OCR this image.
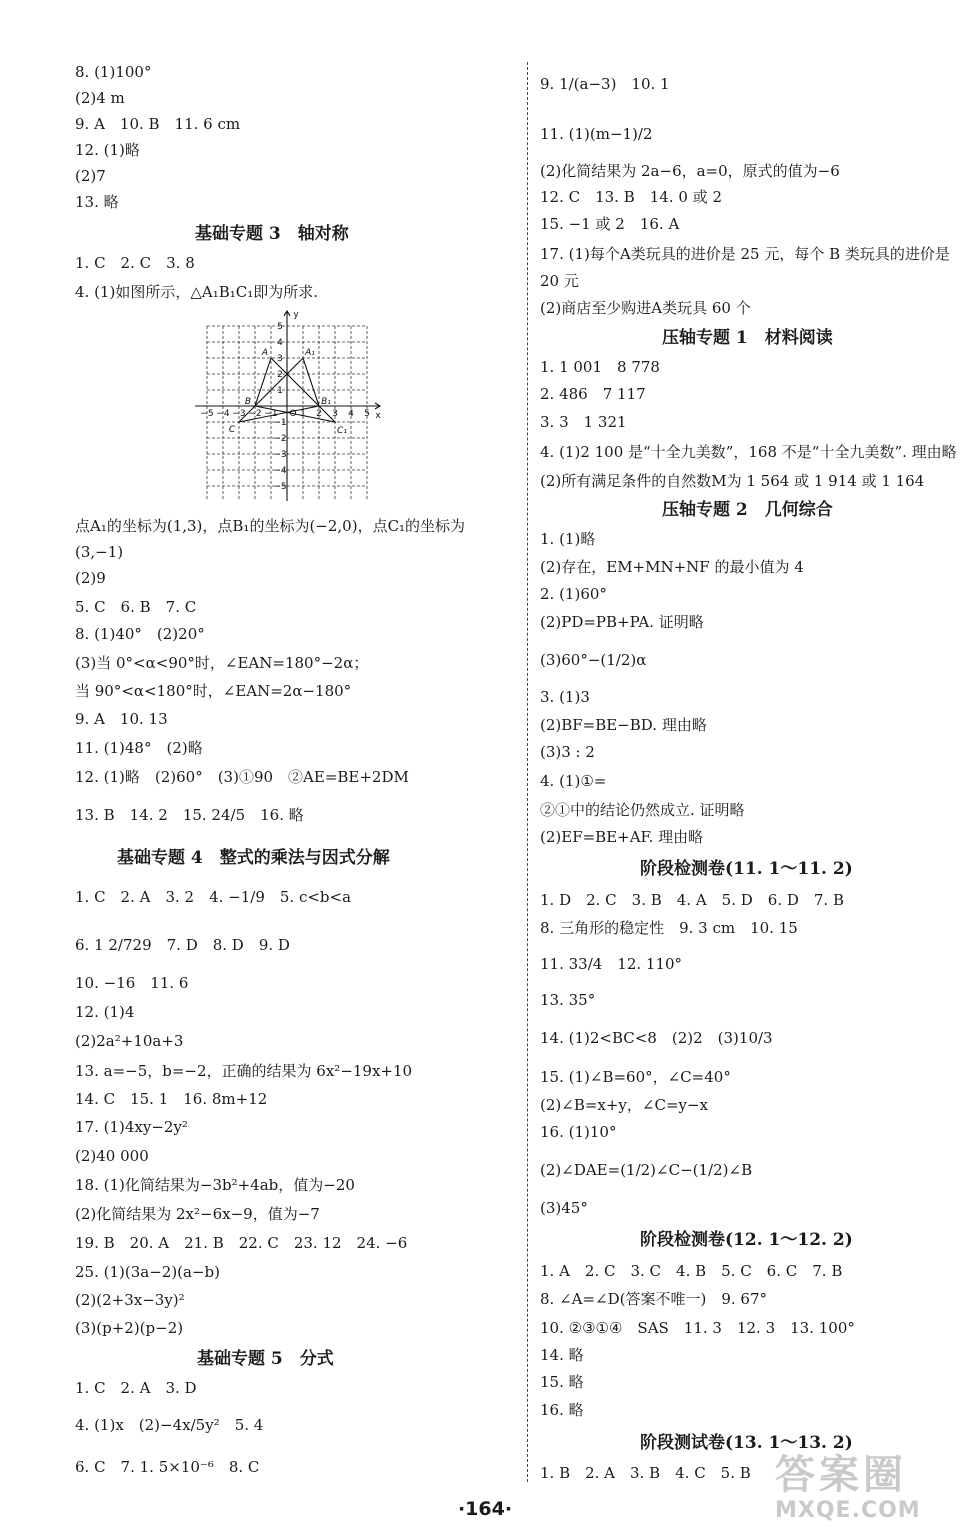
8. (1)100°
(2)4 m
9. A　10. B　11. 6 cm
12. (1)略
(2)7
13. 略
基础专题 3　轴对称
1. C　2. C　3. 8
4. (1)如图所示，△A₁B₁C₁即为所求.
x
y
O
−5 −4 −3 −2 −1 1 2 3 4 5
5
4
3
2
1
−1
−2
−3
−4
−5
A	A₁
B	B₁
C	C₁
点A₁的坐标为(1,3)，点B₁的坐标为(−2,0)，点C₁的坐标为
(3,−1)
(2)9
5. C　6. B　7. C
8. (1)40°　(2)20°
(3)当 0°<α<90°时，∠EAN=180°−2α；
当 90°<α<180°时，∠EAN=2α−180°
9. A　10. 13
11. (1)48°　(2)略
12. (1)略　(2)60°　(3)①90　②AE=BE+2DM
13. B　14. 2　15. 24/5　16. 略
基础专题 4　整式的乘法与因式分解
1. C　2. A　3. 2　4. −1/9　5. c<b<a
6. 1 2/729　7. D　8. D　9. D
10. −16　11. 6
12. (1)4
(2)2a²+10a+3
13. a=−5，b=−2，正确的结果为 6x²−19x+10
14. C　15. 1　16. 8m+12
17. (1)4xy−2y²
(2)40 000
18. (1)化简结果为−3b²+4ab，值为−20
(2)化简结果为 2x²−6x−9，值为−7
19. B　20. A　21. B　22. C　23. 12　24. −6
25. (1)(3a−2)(a−b)
(2)(2+3x−3y)²
(3)(p+2)(p−2)
基础专题 5　分式
1. C　2. A　3. D
4. (1)x　(2)−4x/5y²　5. 4
6. C　7. 1. 5×10⁻⁶　8. C
9. 1/(a−3)　10. 1
11. (1)(m−1)/2
(2)化简结果为 2a−6，a=0，原式的值为−6
12. C　13. B　14. 0 或 2
15. −1 或 2　16. A
17. (1)每个A类玩具的进价是 25 元，每个 B 类玩具的进价是
20 元
(2)商店至少购进A类玩具 60 个
压轴专题 1　材料阅读
1. 1 001　8 778
2. 486　7 117
3. 3　1 321
4. (1)2 100 是“十全九美数”，168 不是“十全九美数”. 理由略
(2)所有满足条件的自然数M为 1 564 或 1 914 或 1 164
压轴专题 2　几何综合
1. (1)略
(2)存在，EM+MN+NF 的最小值为 4
2. (1)60°
(2)PD=PB+PA. 证明略
(3)60°−(1/2)α
3. (1)3
(2)BF=BE−BD. 理由略
(3)3 : 2
4. (1)①=
②①中的结论仍然成立. 证明略
(2)EF=BE+AF. 理由略
阶段检测卷(11. 1～11. 2)
1. D　2. C　3. B　4. A　5. D　6. D　7. B
8. 三角形的稳定性　9. 3 cm　10. 15
11. 33/4　12. 110°
13. 35°
14. (1)2<BC<8　(2)2　(3)10/3
15. (1)∠B=60°，∠C=40°
(2)∠B=x+y，∠C=y−x
16. (1)10°
(2)∠DAE=(1/2)∠C−(1/2)∠B
(3)45°
阶段检测卷(12. 1～12. 2)
1. A　2. C　3. C　4. B　5. C　6. C　7. B
8. ∠A=∠D(答案不唯一)　9. 67°
10. ②③①④　SAS　11. 3　12. 3　13. 100°
14. 略
15. 略
16. 略
阶段测试卷(13. 1～13. 2)
1. B　2. A　3. B　4. C　5. B
·164·
答案圈
MXQE.COM
